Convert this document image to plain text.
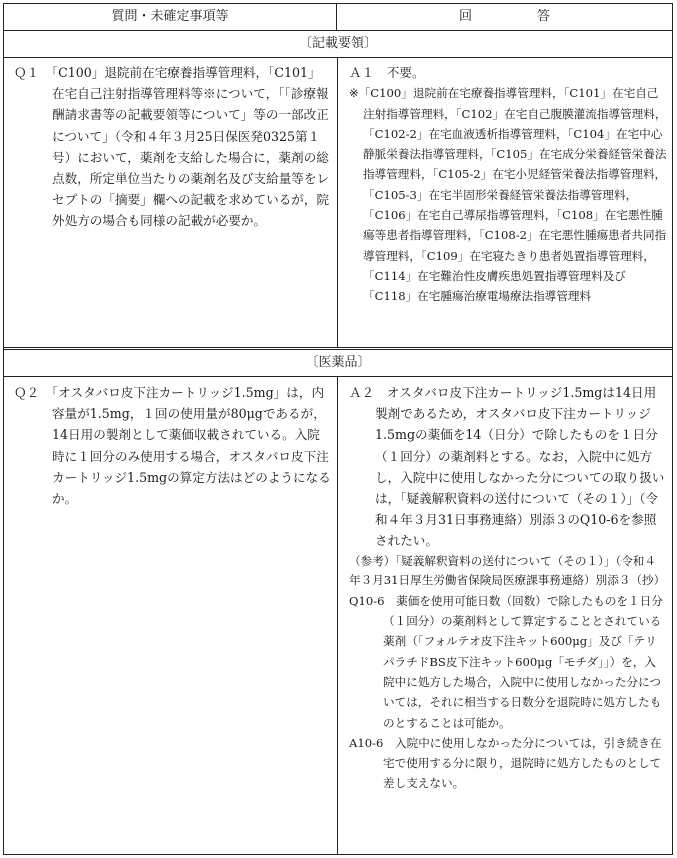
質問・未確定事項等	回　答
〔記載要領〕

Ｑ１　「C100」退院前在宅療養指導管理料，「C101」在宅自己注射指導管理料等※について，「「診療報酬請求書等の記載要領等について」等の一部改正について」（令和４年３月25日保医発0325第１号）において，薬剤を支給した場合に，薬剤の総点数，所定単位当たりの薬剤名及び支給量等をレセプトの「摘要」欄への記載を求めているが，院外処方の場合も同様の記載が必要か。

Ａ１　不要。

※「C100」退院前在宅療養指導管理料，「C101」在宅自己注射指導管理料，「C102」在宅自己腹膜灌流指導管理料，「C102-2」在宅血液透析指導管理料，「C104」在宅中心静脈栄養法指導管理料，「C105」在宅成分栄養経管栄養法指導管理料，「C105-2」在宅小児経管栄養法指導管理料，「C105-3」在宅半固形栄養経管栄養法指導管理料，「C106」在宅自己導尿指導管理料，「C108」在宅悪性腫瘍等患者指導管理料，「C108-2」在宅悪性腫瘍患者共同指導管理料，「C109」在宅寝たきり患者処置指導管理料，「C114」在宅難治性皮膚疾患処置指導管理料及び「C118」在宅腫瘍治療電場療法指導管理料

〔医薬品〕

Ｑ２　「オスタバロ皮下注カートリッジ1.5mg」は，内容量が1.5mg，１回の使用量が80μgであるが，14日用の製剤として薬価収載されている。入院時に１回分のみ使用する場合，オスタバロ皮下注カートリッジ1.5mgの算定方法はどのようになるか。

Ａ２　オスタバロ皮下注カートリッジ1.5mgは14日用製剤であるため，オスタバロ皮下注カートリッジ1.5mgの薬価を14（日分）で除したものを１日分（１回分）の薬剤料とする。なお，入院中に処方し，入院中に使用しなかった分についての取り扱いは，「疑義解釈資料の送付について（その１）」（令和４年３月31日事務連絡）別添３のQ10-6を参照されたい。

（参考）「疑義解釈資料の送付について（その１）」（令和４年３月31日厚生労働省保険局医療課事務連絡）別添３（抄）

Q10-6　薬価を使用可能日数（回数）で除したものを１日分（１回分）の薬剤料として算定することとされている薬剤（「フォルテオ皮下注キット600μg」及び「テリパラチドBS皮下注キット600μg「モチダ」」）を，入院中に処方した場合，入院中に使用しなかった分については，それに相当する日数分を退院時に処方したものとすることは可能か。

A10-6　入院中に使用しなかった分については，引き続き在宅で使用する分に限り，退院時に処方したものとして差し支えない。
